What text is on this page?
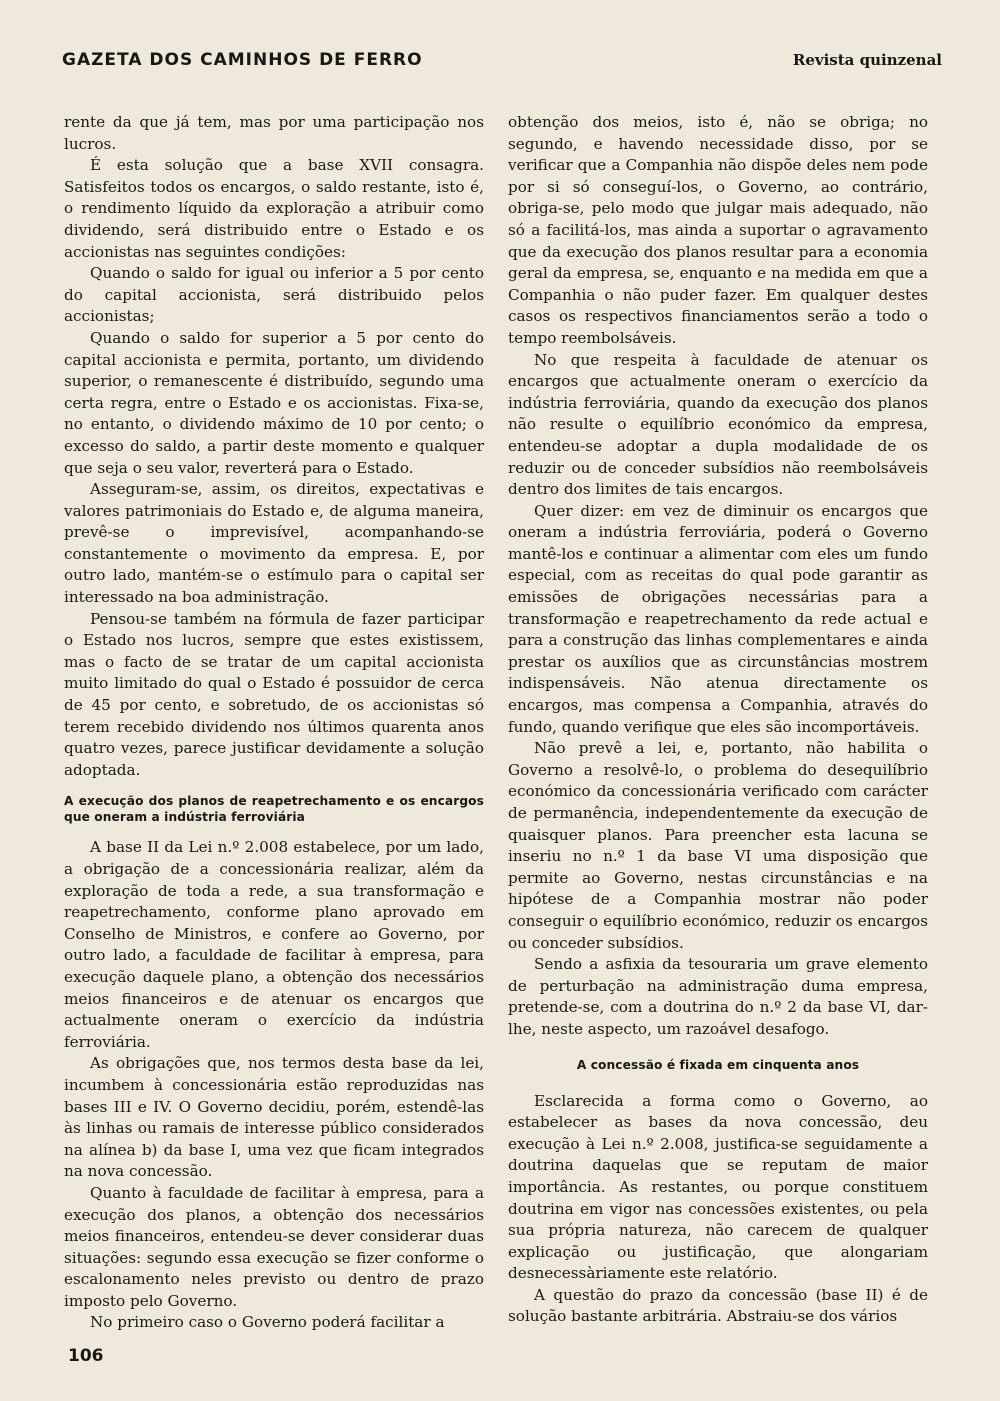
GAZETA DOS CAMINHOS DE FERRO	Revista quinzenal

rente da que já tem, mas por uma participação nos lucros.

É esta solução que a base XVII consagra. Satisfeitos todos os encargos, o saldo restante, isto é, o rendimento líquido da exploração a atribuir como dividendo, será distribuido entre o Estado e os accionistas nas seguintes condições:

Quando o saldo for igual ou inferior a 5 por cento do capital accionista, será distribuido pelos accionistas;

Quando o saldo for superior a 5 por cento do capital accionista e permita, portanto, um dividendo superior, o remanescente é distribuído, segundo uma certa regra, entre o Estado e os accionistas. Fixa-se, no entanto, o dividendo máximo de 10 por cento; o excesso do saldo, a partir deste momento e qualquer que seja o seu valor, reverterá para o Estado.

Asseguram-se, assim, os direitos, expectativas e valores patrimoniais do Estado e, de alguma maneira, prevê-se o imprevisível, acompanhando-se constantemente o movimento da empresa. E, por outro lado, mantém-se o estímulo para o capital ser interessado na boa administração.

Pensou-se também na fórmula de fazer participar o Estado nos lucros, sempre que estes existissem, mas o facto de se tratar de um capital accionista muito limitado do qual o Estado é possuidor de cerca de 45 por cento, e sobretudo, de os accionistas só terem recebido dividendo nos últimos quarenta anos quatro vezes, parece justificar devidamente a solução adoptada.

A execução dos planos de reapetrechamento e os encargos que oneram a indústria ferroviária

A base II da Lei n.º 2.008 estabelece, por um lado, a obrigação de a concessionária realizar, além da exploração de toda a rede, a sua transformação e reapetrechamento, conforme plano aprovado em Conselho de Ministros, e confere ao Governo, por outro lado, a faculdade de facilitar à empresa, para execução daquele plano, a obtenção dos necessários meios financeiros e de atenuar os encargos que actualmente oneram o exercício da indústria ferroviária.

As obrigações que, nos termos desta base da lei, incumbem à concessionária estão reproduzidas nas bases III e IV. O Governo decidiu, porém, estendê-las às linhas ou ramais de interesse público considerados na alínea b) da base I, uma vez que ficam integrados na nova concessão.

Quanto à faculdade de facilitar à empresa, para a execução dos planos, a obtenção dos necessários meios financeiros, entendeu-se dever considerar duas situações: segundo essa execução se fizer conforme o escalonamento neles previsto ou dentro de prazo imposto pelo Governo.

No primeiro caso o Governo poderá facilitar a

obtenção dos meios, isto é, não se obriga; no segundo, e havendo necessidade disso, por se verificar que a Companhia não dispõe deles nem pode por si só conseguí-los, o Governo, ao contrário, obriga-se, pelo modo que julgar mais adequado, não só a facilitá-los, mas ainda a suportar o agravamento que da execução dos planos resultar para a economia geral da empresa, se, enquanto e na medida em que a Companhia o não puder fazer. Em qualquer destes casos os respectivos financiamentos serão a todo o tempo reembolsáveis.

No que respeita à faculdade de atenuar os encargos que actualmente oneram o exercício da indústria ferroviária, quando da execução dos planos não resulte o equilíbrio económico da empresa, entendeu-se adoptar a dupla modalidade de os reduzir ou de conceder subsídios não reembolsáveis dentro dos limites de tais encargos.

Quer dizer: em vez de diminuir os encargos que oneram a indústria ferroviária, poderá o Governo mantê-los e continuar a alimentar com eles um fundo especial, com as receitas do qual pode garantir as emissões de obrigações necessárias para a transformação e reapetrechamento da rede actual e para a construção das linhas complementares e ainda prestar os auxílios que as circunstâncias mostrem indispensáveis. Não atenua directamente os encargos, mas compensa a Companhia, através do fundo, quando verifique que eles são incomportáveis.

Não prevê a lei, e, portanto, não habilita o Governo a resolvê-lo, o problema do desequilíbrio económico da concessionária verificado com carácter de permanência, independentemente da execução de quaisquer planos. Para preencher esta lacuna se inseriu no n.º 1 da base VI uma disposição que permite ao Governo, nestas circunstâncias e na hipótese de a Companhia mostrar não poder conseguir o equilíbrio económico, reduzir os encargos ou conceder subsídios.

Sendo a asfixia da tesouraria um grave elemento de perturbação na administração duma empresa, pretende-se, com a doutrina do n.º 2 da base VI, dar-lhe, neste aspecto, um razoável desafogo.

A concessão é fixada em cinquenta anos

Esclarecida a forma como o Governo, ao estabelecer as bases da nova concessão, deu execução à Lei n.º 2.008, justifica-se seguidamente a doutrina daquelas que se reputam de maior importância. As restantes, ou porque constituem doutrina em vigor nas concessões existentes, ou pela sua própria natureza, não carecem de qualquer explicação ou justificação, que alongariam desnecessàriamente este relatório.

A questão do prazo da concessão (base II) é de solução bastante arbitrária. Abstraiu-se dos vários

106
